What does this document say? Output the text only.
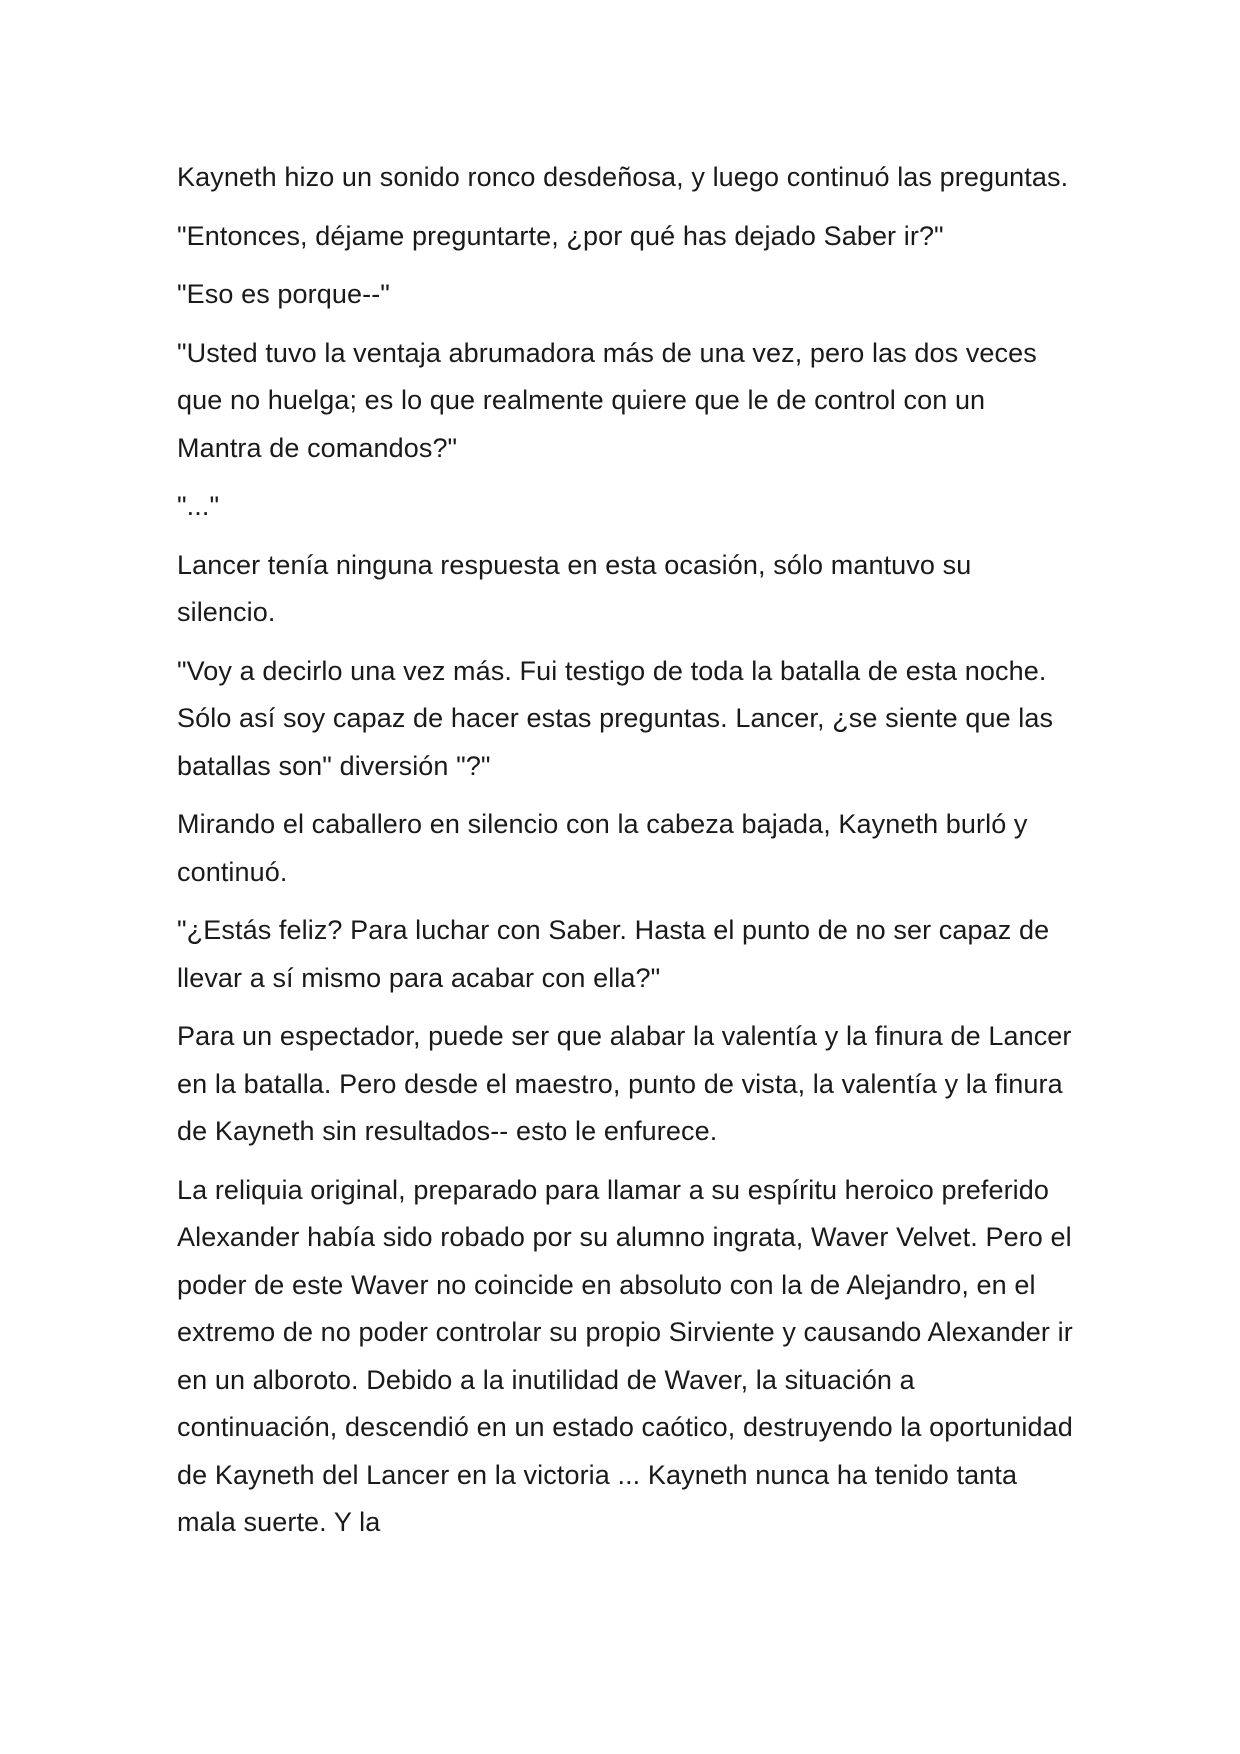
Kayneth hizo un sonido ronco desdeñosa, y luego continuó las preguntas.

"Entonces, déjame preguntarte, ¿por qué has dejado Saber ir?"

"Eso es porque--"

"Usted tuvo la ventaja abrumadora más de una vez, pero las dos veces que no huelga; es lo que realmente quiere que le de control con un Mantra de comandos?"

"..."

Lancer tenía ninguna respuesta en esta ocasión, sólo mantuvo su silencio.

"Voy a decirlo una vez más. Fui testigo de toda la batalla de esta noche. Sólo así soy capaz de hacer estas preguntas. Lancer, ¿se siente que las batallas son" diversión "?"

Mirando el caballero en silencio con la cabeza bajada, Kayneth burló y continuó.

"¿Estás feliz? Para luchar con Saber. Hasta el punto de no ser capaz de llevar a sí mismo para acabar con ella?"

Para un espectador, puede ser que alabar la valentía y la finura de Lancer en la batalla. Pero desde el maestro, punto de vista, la valentía y la finura de Kayneth sin resultados-- esto le enfurece.

La reliquia original, preparado para llamar a su espíritu heroico preferido Alexander había sido robado por su alumno ingrata, Waver Velvet. Pero el poder de este Waver no coincide en absoluto con la de Alejandro, en el extremo de no poder controlar su propio Sirviente y causando Alexander ir en un alboroto. Debido a la inutilidad de Waver, la situación a continuación, descendió en un estado caótico, destruyendo la oportunidad de Kayneth del Lancer en la victoria ... Kayneth nunca ha tenido tanta mala suerte. Y la
